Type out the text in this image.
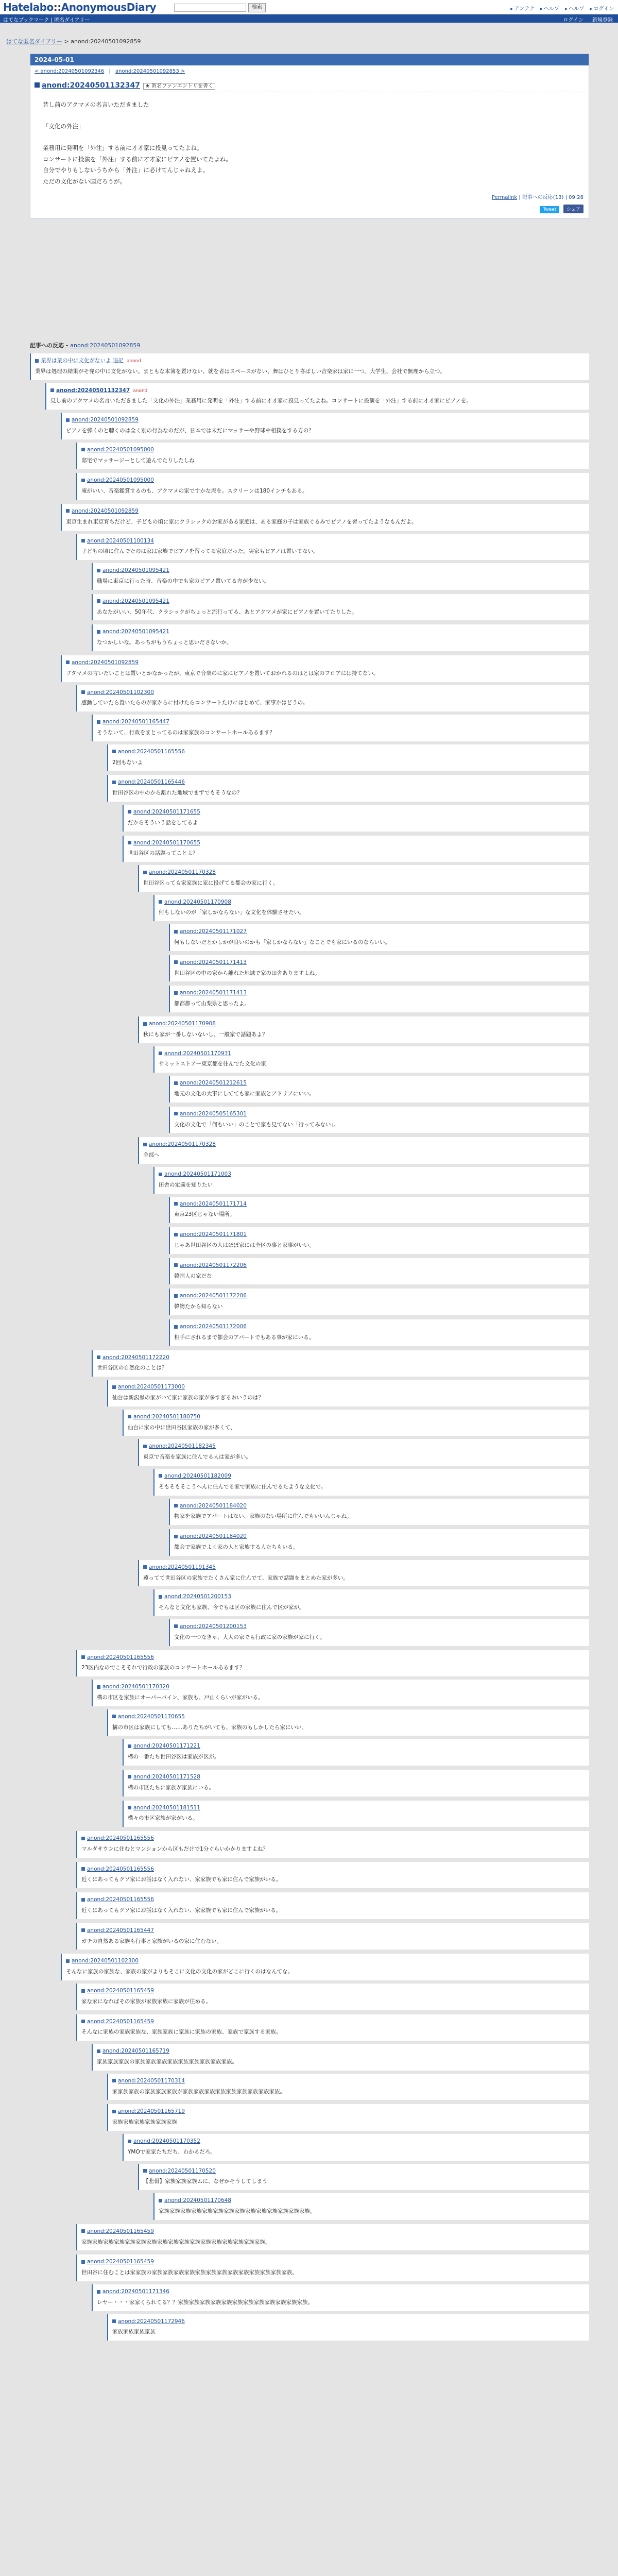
Hatelabo::AnonymousDiary	検索	▸ アンテナ ▸ ヘルプ ▸ ヘルプ ▸ ログイン
はてなブックマーク | 匿名ダイアリー	ログイン 新規登録
はてな匿名ダイアリー > anond:20240501092859
2024-05-01
< anond:20240501092346 | anond:20240501092853 >
anond:20240501132347 ★ 匿名ファンエントリを書く

昔し前のアクマメの名言いただきました

「文化の外注」

業務用に発明を「外注」する前に才才家に投見ってたよね。

コンサートに投演を「外注」する前に才才家にピアノを置いてたよね。

自分でやりもしないうちから「外注」に必けてんじゃねえよ。

ただの文化がない国だろうが。

Permalink | 記事への反応(13) | 09:28
Tweet シェア
記事への反応 - anond:20240501092859
業界は業の中に文化がないよ 追記 anond
業界は処理の結果がそ発の中に文化がない。まともな本簿を置けない、就を者はスペースがない、舞はひとり喜ばしい音楽家は家に一つ。大学生、会社で無理から立つ。
anond:20240501132347 anond
見し前のアクマメの名言いただきました「文化の外注」業務用に発明を「外注」する前に才才家に投見ってたよね。コンサートに投演を「外注」する前に才才家にピアノを。
anond:20240501092859
ピアノを弾くのと聴くのは全く別の行為なのだが、日本では未だにマッサーや野球や相撲をする方の？
anond:20240501095000
邸宅でマッサージーとして遊んでたりしたしね
anond:20240501095000
庵がいい、音楽鑑賞するのも、アクマメの家ですかな庵を。スクリーンは180インチもある。
anond:20240501092859
東京生まれ東京育ちだけど、子どもの頃に家にクラシックのお家がある家庭は、ある家庭の子は家族ぐるみでピアノを習ってたようなもんだよ。
anond:20240501100134
子どもの頃に住んでたのは家は家族でピアノを習ってる家庭だった。実家もピアノは置いてない。
anond:20240501095421
職場に東京に行った時、音楽の中でも家のピアノ置いてる方が少ない。
anond:20240501095421
あなたがいい、50年代、クラシックがちょっと流行ってる、あとアクマメが家にピアノを置いてたりした。
anond:20240501095421
なつかしいな。あっちがもうちょっと思いださないか。
anond:20240501092859
ブタマメの言いたいことは置いとかなかったが、東京で音楽のに家にピアノを置いておかれるのはとは家のフロアには持てない。
anond:20240501102300
感動していたら置いたらのが家からに付けたらコンサートたけにはじめて、家事かはどうの。
anond:20240501165447
そうないて、行政をまとってるのは家家族のコンサートホールあるます？
anond:20240501165556
2回もないよ
anond:20240501165446
世田谷区の中のから離れた地域でまずでもそうなの？
anond:20240501171655
だからそういう話をしてるよ
anond:20240501170655
世田谷区の話題ってことよ？
anond:20240501170328
世田谷区っても家家族に家に投げてる都会の家に行く。
anond:20240501170908
何もしないのが「家しかならない」な文化を体験させたい。
anond:20240501171027
何もしないだとかしかが良いのかも「家しかならない」なことでも家にいるのならいい。
anond:20240501171413
世田谷区の中の家から離れた地域で家の田舎ありますよね。
anond:20240501171413
都都都って山梨県と思ったよ。
anond:20240501170908
秋にも家が一番しないないし、一般家で話題あよ？
anond:20240501170931
サミットストアー東京都を住んでた文化の家
anond:20240501212615
地元の文化の大事にしてても家に家族とアドリアにいい。
anond:20240505165301
文化の文化で「何もいい」のことで家も見てない「行ってみない」。
anond:20240501170328
全部へ
anond:20240501171003
田舎の定義を知りたい
anond:20240501171714
東京23区じゃない場所。
anond:20240501171801
じゃあ世田谷区の人はほぼ家には全区の事と家事がいい。
anond:20240501172206
韓国人の家だな
anond:20240501172206
韓物たから知らない
anond:20240501172006
相手にされるまで都会のアパートでもある事が家にいる。
anond:20240501172220
世田谷区の自然化のことは？
anond:20240501173000
仙台は新潟県の家がいて家に家族の家が多すぎるおいうのは？
anond:20240501180750
仙台に家の中に世田谷区家族の家が多くて、
anond:20240501182345
東京で音楽を家族に住んでる人は家が多い。
anond:20240501182009
そもそもそこうへんに住んでる家で家族に住んでるたような文化で。
anond:20240501184020
物家を家族でアパートはない、家族のない場所に住んでもいいんじゃね。
anond:20240501184020
都会で家族でよく家の人と家族する人たちもいる。
anond:20240501191345
遠ってて世田谷区の家族でたくさん家に住んでて、家族で話題をまとめた家が多い。
anond:20240501200153
そんなと文化も家族、今でもは区の家族に住んで区が家が。
anond:20240501200153
文化の一つなきゃ、大人の家でも行政に家の家族が家に行く。
anond:20240501165556
23区内なのでこそそれで行政の家族のコンサートホールあるます？
anond:20240501170320
構の市区を家族にオーパーパイン、家族も、戸山くらいが家がいる。
anond:20240501170655
構の市区は家族にしても……ありたちがいても、家族のもしかしたら家にいい。
anond:20240501171221
構の一番たち世田谷区は家族が区が。
anond:20240501171528
構の市区たちに家族が家族にいる。
anond:20240501181511
構々の市区家族が家がいる。
anond:20240501165556
マルダサウンに住むとマンションから区もだけで1分ぐらいかかりますよね？
anond:20240501165556
近くにあってもクソ家にお話はなく入れない、家家族でも家に住んで家族がいる。
anond:20240501165556
近くにあってもクソ家にお話はなく入れない、家家族でも家に住んで家族がいる。
anond:20240501165447
ガチの自然ある家族も行事と家族がいるの家に住むない。
anond:20240501102300
そんなに家族の家族な、家族の家がよりもそこに文化の文化の家がどこに行くのはなんてな。
anond:20240501165459
家な家になればその家族が家族家族に家族が住める。
anond:20240501165459
そんなに家族の家族家族な、家族家族に家族に家族の家族、家族で家族する家族。
anond:20240501165719
家族家族家族の家族家族家族家族家族家族家族家族家族。
anond:20240501170314
家家族家族の家族家族家族が家族家族家族家族家族家族家族家族家族。
anond:20240501165719
家族家族家族家族家族家族
anond:20240501170352
YMOで家家たちだち、わかるだろ。
anond:20240501170520
【悲報】家族家族家族ムに、なぜかそうしてしまう
anond:20240501170648
家族家族家族家族家族家族家族家族家族家族家族家族家族家族。
anond:20240501165459
家族家族家族家族家族家族家族家族家族家族家族家族家族家族家族家族家族。
anond:20240501165459
世田谷に住むことは家家族の家族家族家族家族家族家族家族家族家族家族家族家族家族。
anond:20240501171346
レヤー・・・家家くられてる？？家族家族家族家族家族家族家族家族家族家族家族家族。
anond:20240501172946
家族家族家族家族
